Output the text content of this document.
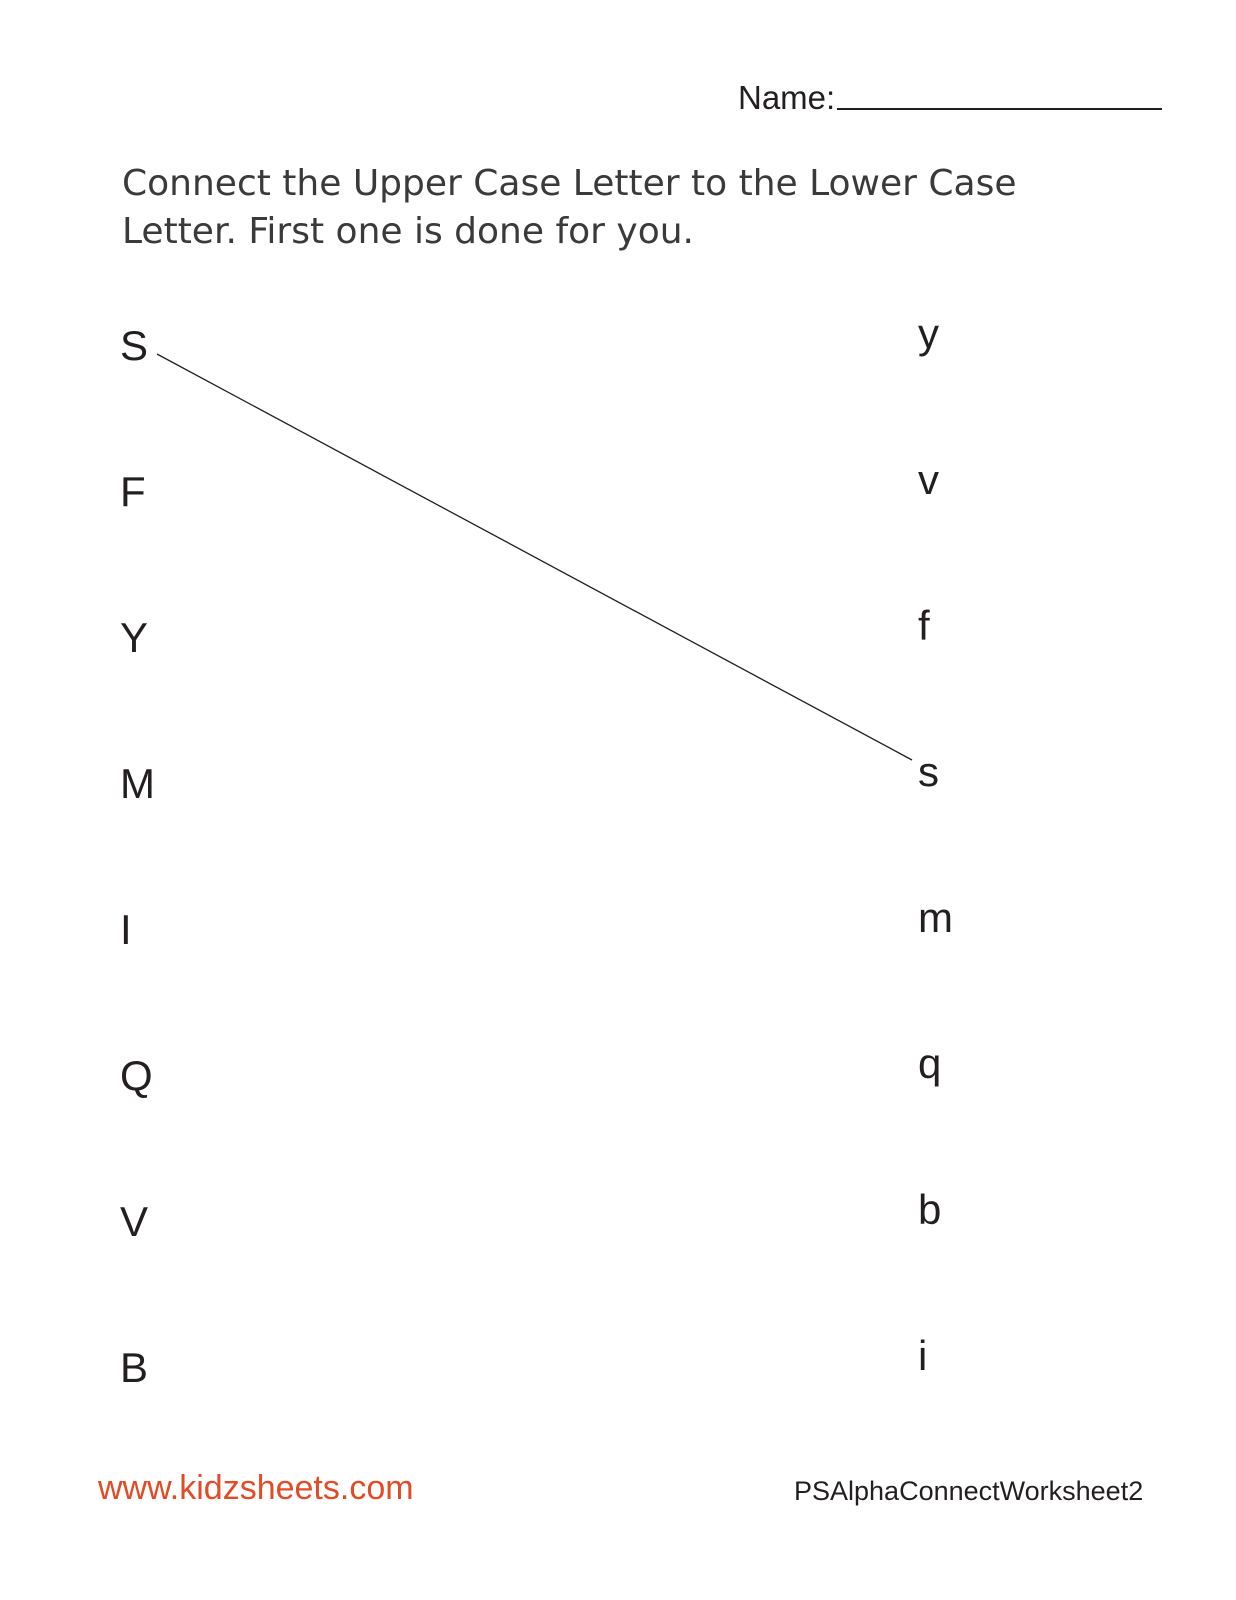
Name:

Connect the Upper Case Letter to the Lower Case
Letter. First one is done for you.

S
F
Y
M
I
Q
V
B
y
v
f
s
m
q
b
i
www.kidzsheets.com	PSAlphaConnectWorksheet2
